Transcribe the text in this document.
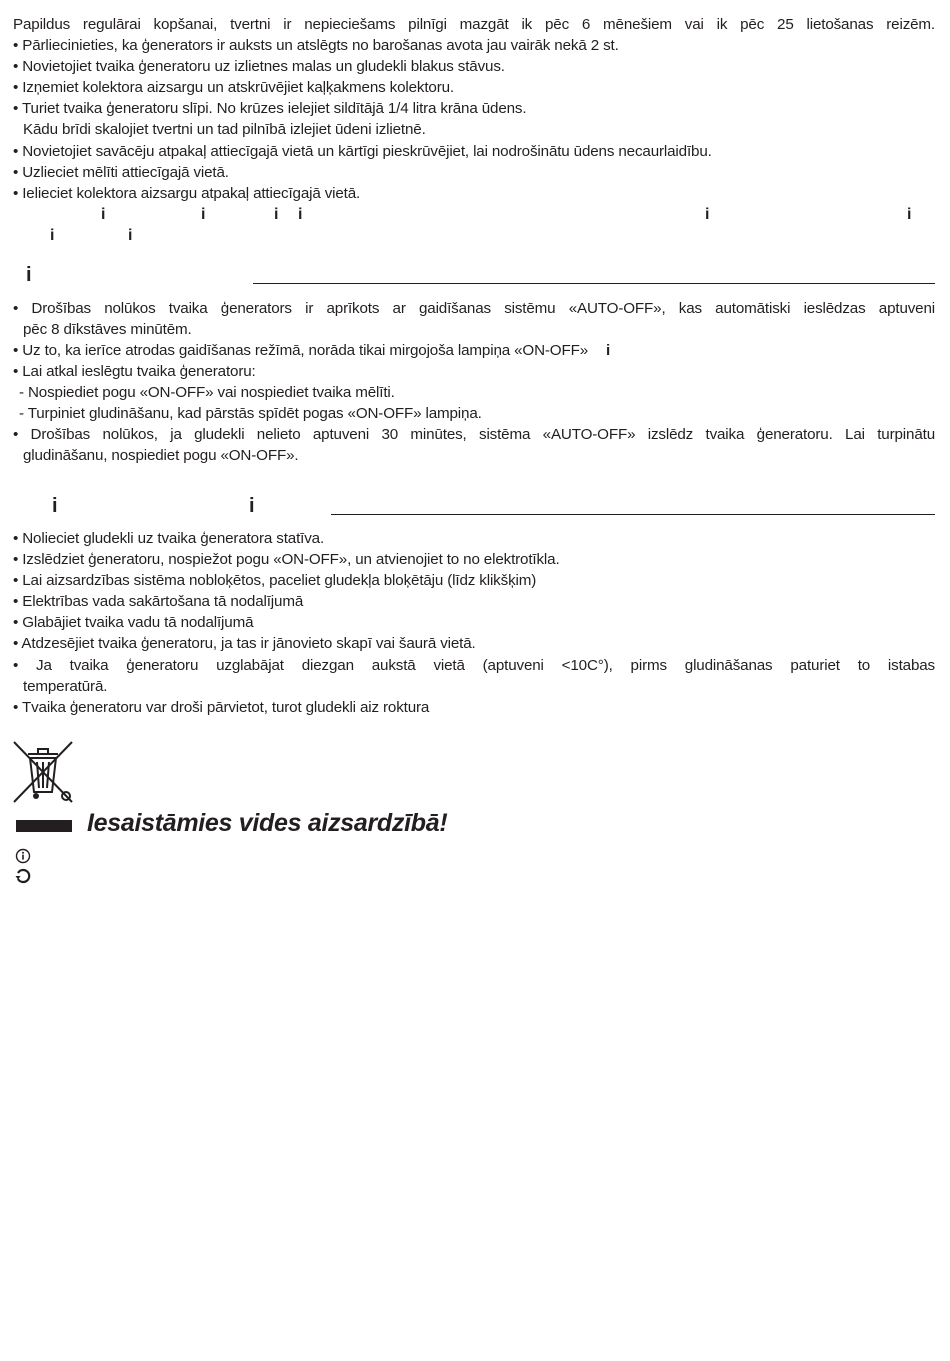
Papildus regulārai kopšanai, tvertni ir nepieciešams pilnīgi mazgāt ik pēc 6 mēnešiem vai ik pēc 25 lietošanas reizēm.
• Pārliecinieties, ka ģenerators ir auksts un atslēgts no barošanas avota jau vairāk nekā 2 st.
• Novietojiet tvaika ģeneratoru uz izlietnes malas un gludekli blakus stāvus.
• Izņemiet kolektora aizsargu un atskrūvējiet kaļķakmens kolektoru.
• Turiet tvaika ģeneratoru slīpi. No krūzes ielejiet sildītājā 1/4 litra krāna ūdens.
Kādu brīdi skalojiet tvertni un tad pilnībā izlejiet ūdeni izlietnē.
• Novietojiet savācēju atpakaļ attiecīgajā vietā un kārtīgi pieskrūvējiet, lai nodrošinātu ūdens necaurlaidību.
• Uzlieciet mēlīti attiecīgajā vietā.
• Ielieciet kolektora aizsargu atpakaļ attiecīgajā vietā.
i	i	i i	i	i
i	i
i
• Drošības nolūkos tvaika ģenerators ir aprīkots ar gaidīšanas sistēmu «AUTO-OFF», kas automātiski ieslēdzas aptuveni
pēc 8 dīkstāves minūtēm.
• Uz to, ka ierīce atrodas gaidīšanas režīmā, norāda tikai mirgojoša lampiņa «ON-OFF» i
• Lai atkal ieslēgtu tvaika ģeneratoru:
- Nospiediet pogu «ON-OFF» vai nospiediet tvaika mēlīti.
- Turpiniet gludināšanu, kad pārstās spīdēt pogas «ON-OFF» lampiņa.
• Drošības nolūkos, ja gludekli nelieto aptuveni 30 minūtes, sistēma «AUTO-OFF» izslēdz tvaika ģeneratoru. Lai turpinātu
gludināšanu, nospiediet pogu «ON-OFF».
i	i
• Nolieciet gludekli uz tvaika ģeneratora statīva.
• Izslēdziet ģeneratoru, nospiežot pogu «ON-OFF», un atvienojiet to no elektrotīkla.
• Lai aizsardzības sistēma nobloķētos, paceliet gludekļa bloķētāju (līdz klikšķim)
• Elektrības vada sakārtošana tā nodalījumā
• Glabājiet tvaika vadu tā nodalījumā
• Atdzesējiet tvaika ģeneratoru, ja tas ir jānovieto skapī vai šaurā vietā.
• Ja tvaika ģeneratoru uzglabājat diezgan aukstā vietā (aptuveni <10C°), pirms gludināšanas paturiet to istabas
temperatūrā.
• Tvaika ģeneratoru var droši pārvietot, turot gludekli aiz roktura
Iesaistāmies vides aizsardzībā!
